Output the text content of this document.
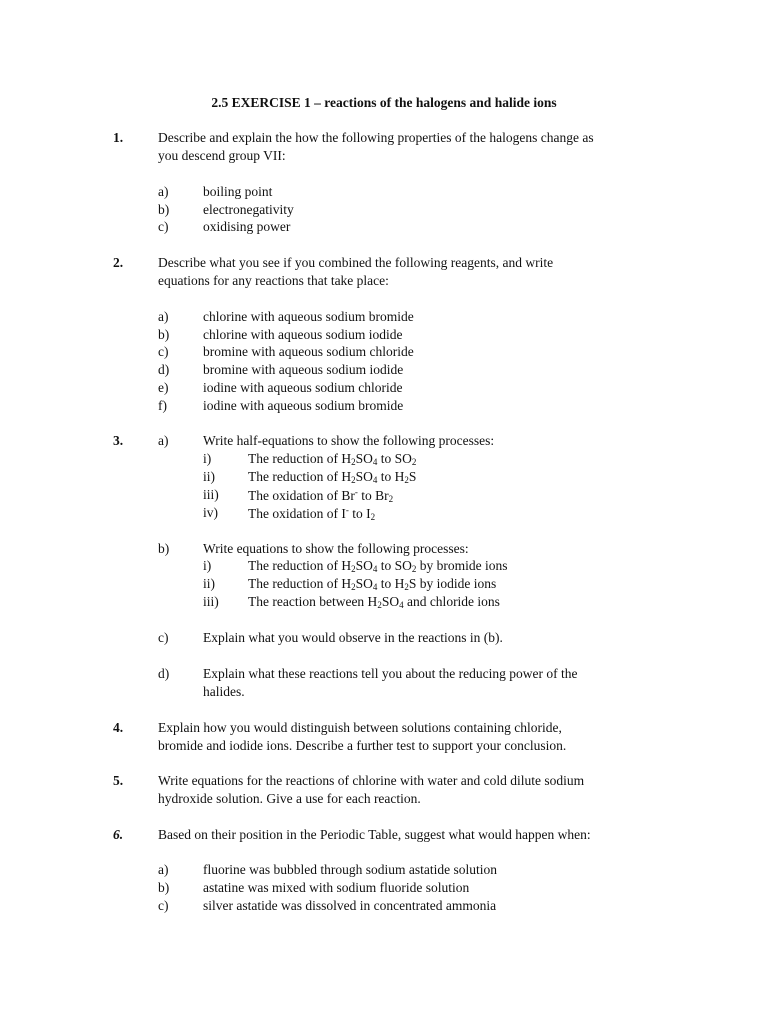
2.5 EXERCISE 1 – reactions of the halogens and halide ions
1.	Describe and explain the how the following properties of the halogens change as
you descend group VII:
a)	boiling point
b)	electronegativity
c)	oxidising power
2.	Describe what you see if you combined the following reagents, and write
equations for any reactions that take place:
a)	chlorine with aqueous sodium bromide
b)	chlorine with aqueous sodium iodide
c)	bromine with aqueous sodium chloride
d)	bromine with aqueous sodium iodide
e)	iodine with aqueous sodium chloride
f)	iodine with aqueous sodium bromide
3.	a)	Write half-equations to show the following processes:
i)	The reduction of $H_2SO_4$ to $SO_2$
ii) The reduction of $H_2SO_4$ to $H_2S$
iii) The oxidation of Br- to $Br_2$
iv) The oxidation of I- to $I_2$
b)	Write equations to show the following processes:
i)	The reduction of $H_2SO_4$ to $SO_2$ by bromide ions
ii) The reduction of $H_2SO_4$ to $H_2S$ by iodide ions
iii) The reaction between $H_2SO_4$ and chloride ions
c)	Explain what you would observe in the reactions in (b).
d)	Explain what these reactions tell you about the reducing power of the
halides.
4.	Explain how you would distinguish between solutions containing chloride,
bromide and iodide ions. Describe a further test to support your conclusion.
5.	Write equations for the reactions of chlorine with water and cold dilute sodium
hydroxide solution. Give a use for each reaction.
6.	Based on their position in the Periodic Table, suggest what would happen when:
a)	fluorine was bubbled through sodium astatide solution
b)	astatine was mixed with sodium fluoride solution
c)	silver astatide was dissolved in concentrated ammonia
